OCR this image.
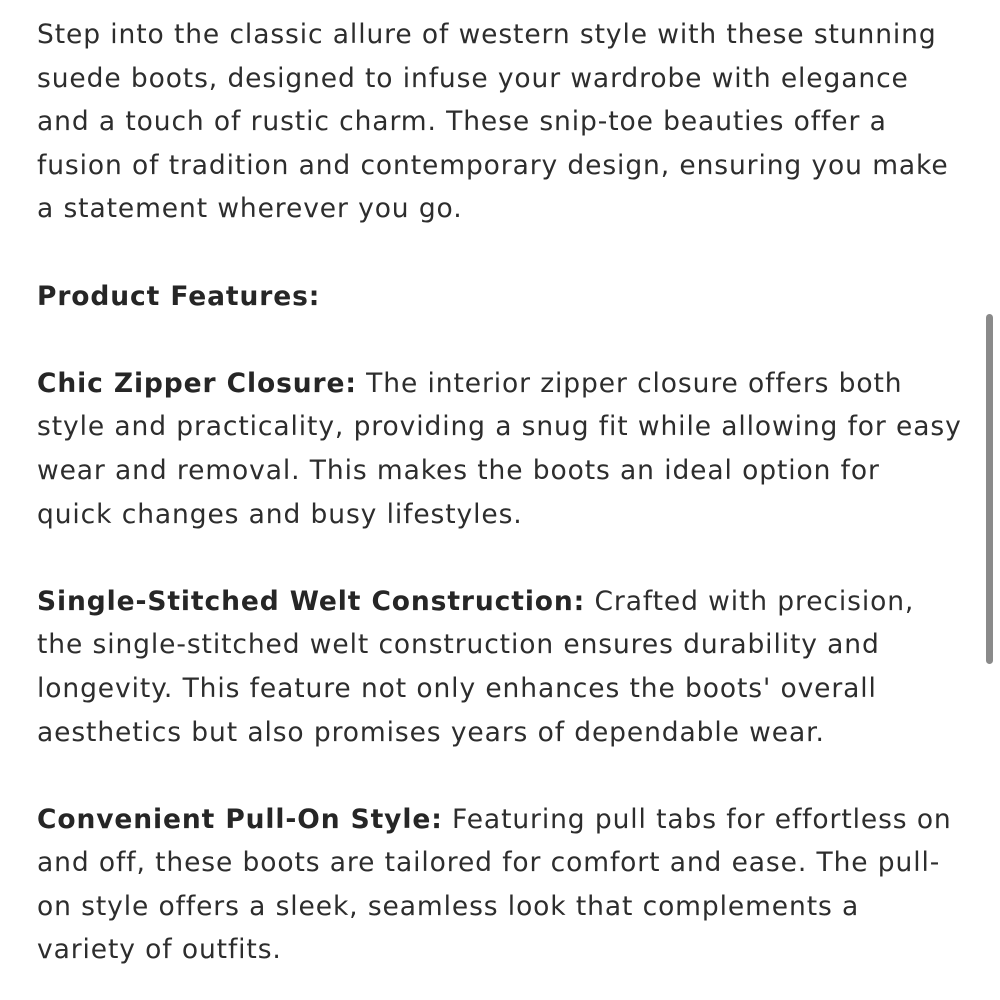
Step into the classic allure of western style with these stunning suede boots, designed to infuse your wardrobe with elegance and a touch of rustic charm. These snip-toe beauties offer a fusion of tradition and contemporary design, ensuring you make a statement wherever you go.

Product Features:

Chic Zipper Closure: The interior zipper closure offers both style and practicality, providing a snug fit while allowing for easy wear and removal. This makes the boots an ideal option for quick changes and busy lifestyles.

Single-Stitched Welt Construction: Crafted with precision, the single-stitched welt construction ensures durability and longevity. This feature not only enhances the boots' overall aesthetics but also promises years of dependable wear.

Convenient Pull-On Style: Featuring pull tabs for effortless on and off, these boots are tailored for comfort and ease. The pull-on style offers a sleek, seamless look that complements a variety of outfits.
